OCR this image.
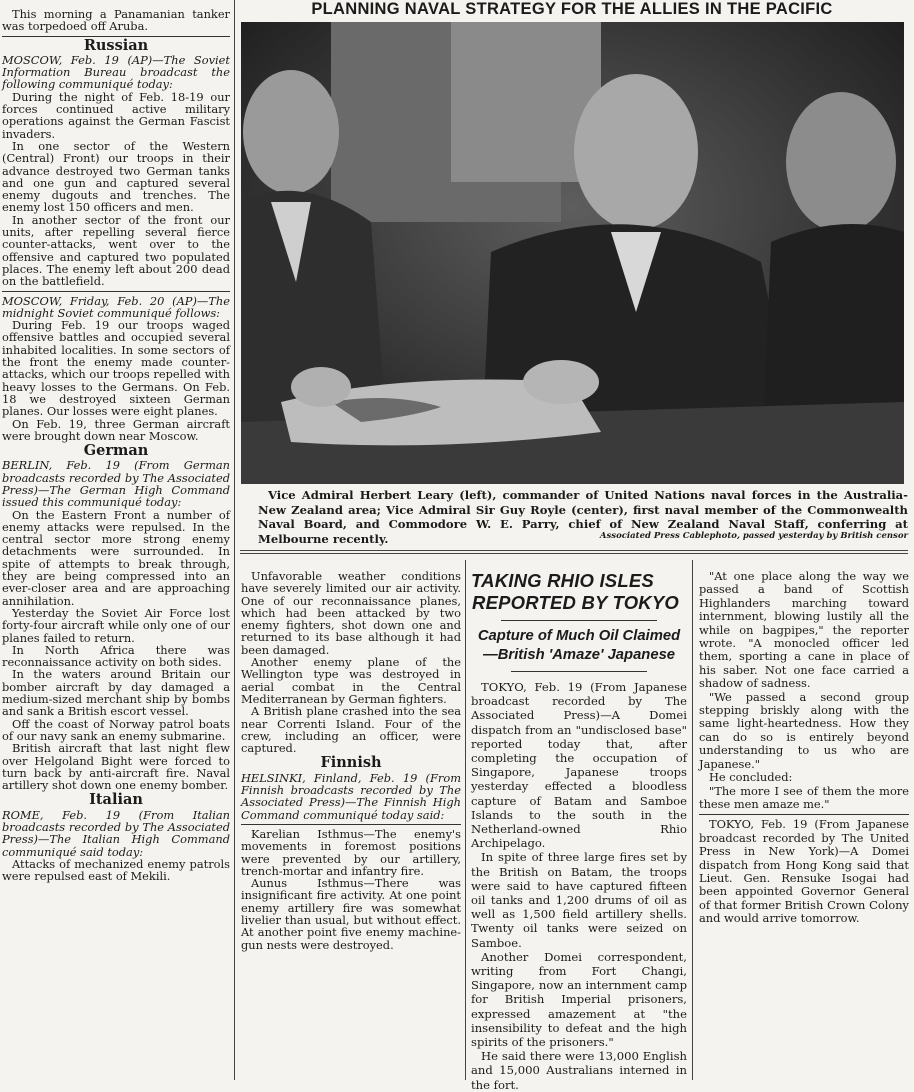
This morning a Panamanian tanker was torpedoed off Aruba.

Russian

MOSCOW, Feb. 19 (AP)—The Soviet Information Bureau broadcast the following communiqué today:

During the night of Feb. 18-19 our forces continued active military operations against the German Fascist invaders.

In one sector of the Western (Central) Front) our troops in their advance destroyed two German tanks and one gun and captured several enemy dugouts and trenches. The enemy lost 150 officers and men.

In another sector of the front our units, after repelling several fierce counter-attacks, went over to the offensive and captured two populated places. The enemy left about 200 dead on the battlefield.

MOSCOW, Friday, Feb. 20 (AP)—The midnight Soviet communiqué follows:

During Feb. 19 our troops waged offensive battles and occupied several inhabited localities. In some sectors of the front the enemy made counter-attacks, which our troops repelled with heavy losses to the Germans. On Feb. 18 we destroyed sixteen German planes. Our losses were eight planes.

On Feb. 19, three German aircraft were brought down near Moscow.

German

BERLIN, Feb. 19 (From German broadcasts recorded by The Associated Press)—The German High Command issued this communiqué today:

On the Eastern Front a number of enemy attacks were repulsed. In the central sector more strong enemy detachments were surrounded. In spite of attempts to break through, they are being compressed into an ever-closer area and are approaching annihilation.

Yesterday the Soviet Air Force lost forty-four aircraft while only one of our planes failed to return.

In North Africa there was reconnaissance activity on both sides.

In the waters around Britain our bomber aircraft by day damaged a medium-sized merchant ship by bombs and sank a British escort vessel.

Off the coast of Norway patrol boats of our navy sank an enemy submarine.

British aircraft that last night flew over Helgoland Bight were forced to turn back by anti-aircraft fire. Naval artillery shot down one enemy bomber.

Italian

ROME, Feb. 19 (From Italian broadcasts recorded by The Associated Press)—The Italian High Command communiqué said today:

Attacks of mechanized enemy patrols were repulsed east of Mekili.

PLANNING NAVAL STRATEGY FOR THE ALLIES IN THE PACIFIC
Vice Admiral Herbert Leary (left), commander of United Nations naval forces in the Australia-New Zealand area; Vice Admiral Sir Guy Royle (center), first naval member of the Commonwealth Naval Board, and Commodore W. E. Parry, chief of New Zealand Naval Staff, conferring at Melbourne recently.	Associated Press Cablephoto, passed yesterday by British censor

Unfavorable weather conditions have severely limited our air activity. One of our reconnaissance planes, which had been attacked by two enemy fighters, shot down one and returned to its base although it had been damaged.

Another enemy plane of the Wellington type was destroyed in aerial combat in the Central Mediterranean by German fighters.

A British plane crashed into the sea near Correnti Island. Four of the crew, including an officer, were captured.

Finnish

HELSINKI, Finland, Feb. 19 (From Finnish broadcasts recorded by The Associated Press)—The Finnish High Command communiqué today said:

Karelian Isthmus—The enemy's movements in foremost positions were prevented by our artillery, trench-mortar and infantry fire.

Aunus Isthmus—There was insignificant fire activity. At one point enemy artillery fire was somewhat livelier than usual, but without effect. At another point five enemy machine-gun nests were destroyed.

TAKING RHIO ISLES
REPORTED BY TOKYO
Capture of Much Oil Claimed
—British 'Amaze' Japanese

TOKYO, Feb. 19 (From Japanese broadcast recorded by The Associated Press)—A Domei dispatch from an "undisclosed base" reported today that, after completing the occupation of Singapore, Japanese troops yesterday effected a bloodless capture of Batam and Samboe Islands to the south in the Netherland-owned Rhio Archipelago.

In spite of three large fires set by the British on Batam, the troops were said to have captured fifteen oil tanks and 1,200 drums of oil as well as 1,500 field artillery shells. Twenty oil tanks were seized on Samboe.

Another Domei correspondent, writing from Fort Changi, Singapore, now an internment camp for British Imperial prisoners, expressed amazement at "the insensibility to defeat and the high spirits of the prisoners."

He said there were 13,000 English and 15,000 Australians interned in the fort.

"At one place along the way we passed a band of Scottish Highlanders marching toward internment, blowing lustily all the while on bagpipes," the reporter wrote. "A monocled officer led them, sporting a cane in place of his saber. Not one face carried a shadow of sadness.

"We passed a second group stepping briskly along with the same light-heartedness. How they can do so is entirely beyond understanding to us who are Japanese."

He concluded:

"The more I see of them the more these men amaze me."

TOKYO, Feb. 19 (From Japanese broadcast recorded by The United Press in New York)—A Domei dispatch from Hong Kong said that Lieut. Gen. Rensuke Isogai had been appointed Governor General of that former British Crown Colony and would arrive tomorrow.
